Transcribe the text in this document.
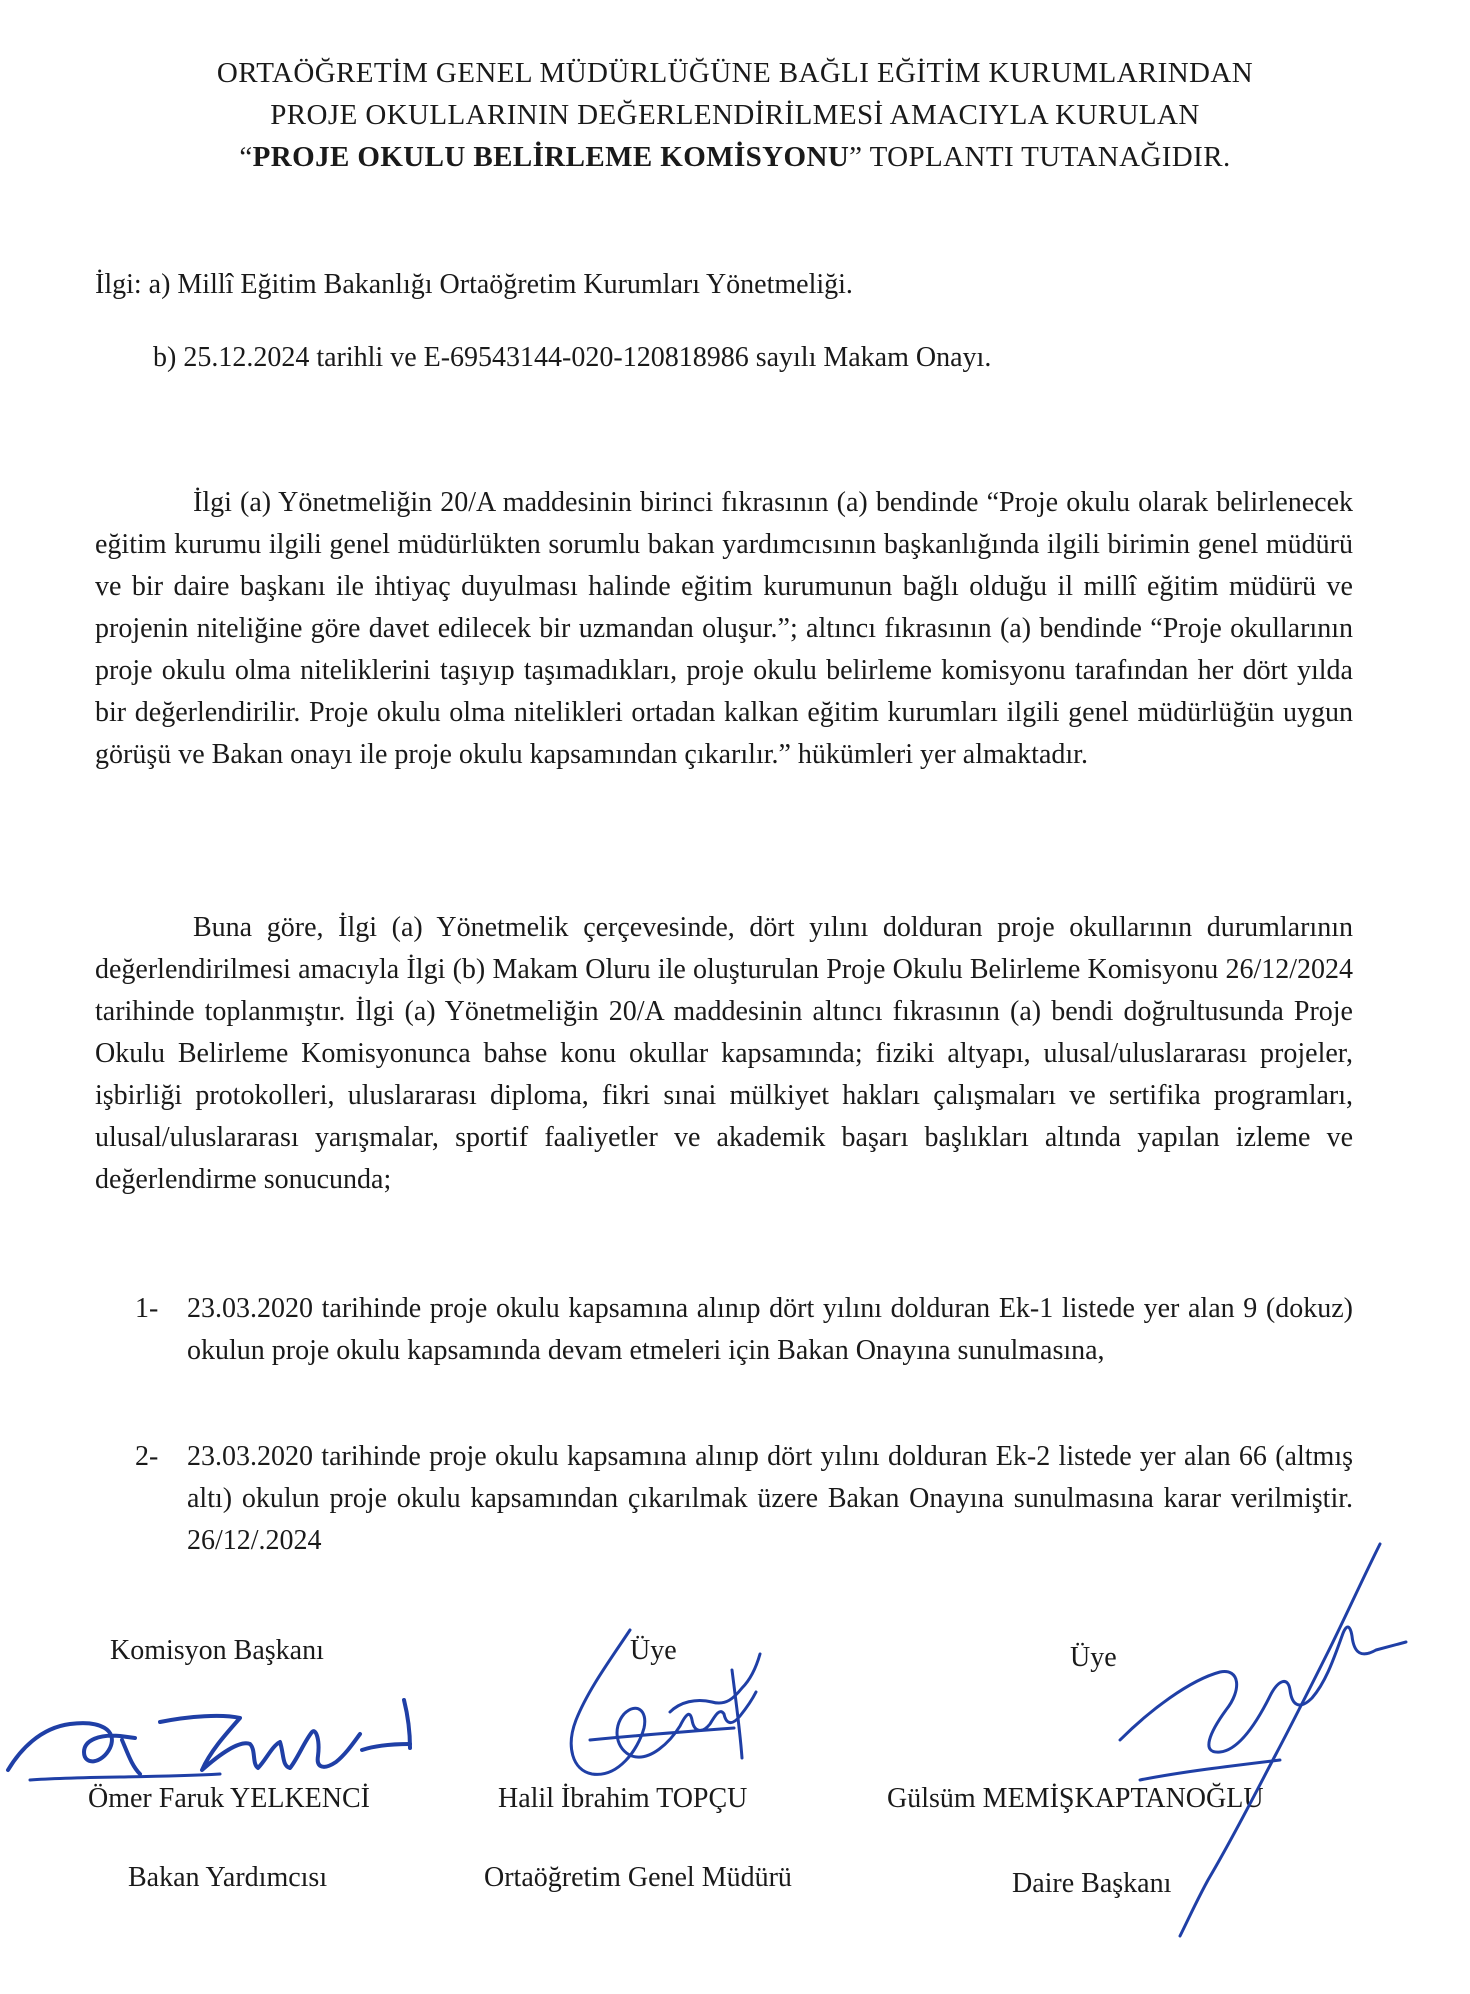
ORTAÖĞRETİM GENEL MÜDÜRLÜĞÜNE BAĞLI EĞİTİM KURUMLARINDAN
PROJE OKULLARININ DEĞERLENDİRİLMESİ AMACIYLA KURULAN
“PROJE OKULU BELİRLEME KOMİSYONU” TOPLANTI TUTANAĞIDIR.
İlgi: a) Millî Eğitim Bakanlığı Ortaöğretim Kurumları Yönetmeliği.
b) 25.12.2024 tarihli ve E-69543144-020-120818986 sayılı Makam Onayı.

İlgi (a) Yönetmeliğin 20/A maddesinin birinci fıkrasının (a) bendinde “Proje okulu olarak belirlenecek eğitim kurumu ilgili genel müdürlükten sorumlu bakan yardımcısının başkanlığında ilgili birimin genel müdürü ve bir daire başkanı ile ihtiyaç duyulması halinde eğitim kurumunun bağlı olduğu il millî eğitim müdürü ve projenin niteliğine göre davet edilecek bir uzmandan oluşur.”; altıncı fıkrasının (a) bendinde “Proje okullarının proje okulu olma niteliklerini taşıyıp taşımadıkları, proje okulu belirleme komisyonu tarafından her dört yılda bir değerlendirilir. Proje okulu olma nitelikleri ortadan kalkan eğitim kurumları ilgili genel müdürlüğün uygun görüşü ve Bakan onayı ile proje okulu kapsamından çıkarılır.” hükümleri yer almaktadır.

Buna göre, İlgi (a) Yönetmelik çerçevesinde, dört yılını dolduran proje okullarının durumlarının değerlendirilmesi amacıyla İlgi (b) Makam Oluru ile oluşturulan Proje Okulu Belirleme Komisyonu 26/12/2024 tarihinde toplanmıştır. İlgi (a) Yönetmeliğin 20/A maddesinin altıncı fıkrasının (a) bendi doğrultusunda Proje Okulu Belirleme Komisyonunca bahse konu okullar kapsamında; fiziki altyapı, ulusal/uluslararası projeler, işbirliği protokolleri, uluslararası diploma, fikri sınai mülkiyet hakları çalışmaları ve sertifika programları, ulusal/uluslararası yarışmalar, sportif faaliyetler ve akademik başarı başlıkları altında yapılan izleme ve değerlendirme sonucunda;

1- 23.03.2020 tarihinde proje okulu kapsamına alınıp dört yılını dolduran Ek-1 listede yer alan 9 (dokuz) okulun proje okulu kapsamında devam etmeleri için Bakan Onayına sunulmasına,
2- 23.03.2020 tarihinde proje okulu kapsamına alınıp dört yılını dolduran Ek-2 listede yer alan 66 (altmış altı) okulun proje okulu kapsamından çıkarılmak üzere Bakan Onayına sunulmasına karar verilmiştir. 26/12/.2024
Komisyon Başkanı
Ömer Faruk YELKENCİ
Bakan Yardımcısı
Üye
Halil İbrahim TOPÇU
Ortaöğretim Genel Müdürü
Üye
Gülsüm MEMİŞKAPTANOĞLU
Daire Başkanı
